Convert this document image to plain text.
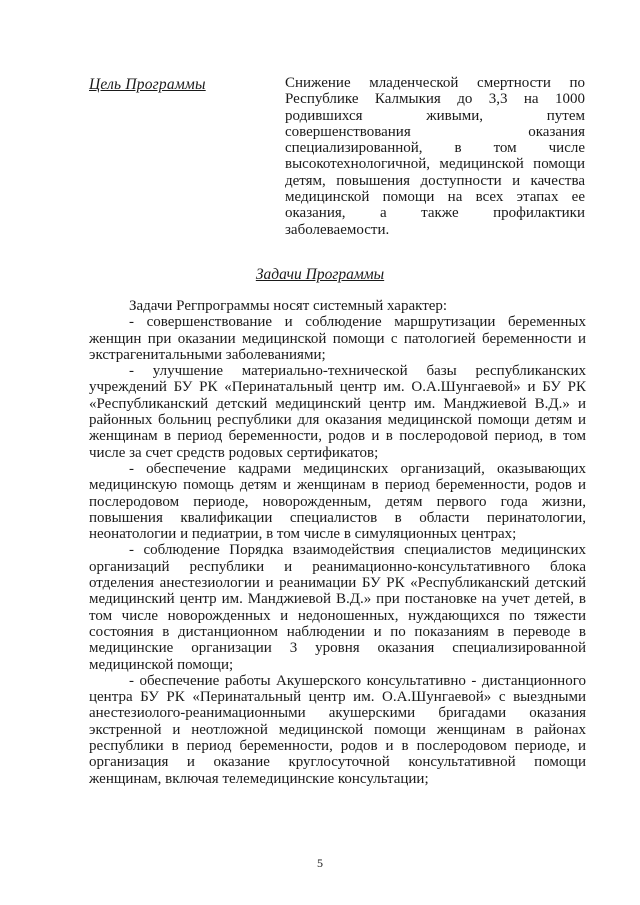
Цель Программы	Снижение младенческой смертности по
Республике Калмыкия до 3,3 на 1000
родившихся живыми, путем
совершенствования оказания
специализированной, в том числе
высокотехнологичной, медицинской помощи
детям, повышения доступности и качества
медицинской помощи на всех этапах ее
оказания, а также профилактики
заболеваемости.
Задачи Программы
Задачи Регпрограммы носят системный характер:
- совершенствование и соблюдение маршрутизации беременных
женщин при оказании медицинской помощи с патологией беременности и
экстрагенитальными заболеваниями;
- улучшение материально-технической базы республиканских
учреждений БУ РК «Перинатальный центр им. О.А.Шунгаевой» и БУ РК
«Республиканский детский медицинский центр им. Манджиевой В.Д.» и
районных больниц республики для оказания медицинской помощи детям и
женщинам в период беременности, родов и в послеродовой период, в том
числе за счет средств родовых сертификатов;
- обеспечение кадрами медицинских организаций, оказывающих
медицинскую помощь детям и женщинам в период беременности, родов и
послеродовом периоде, новорожденным, детям первого года жизни,
повышения квалификации специалистов в области перинатологии,
неонатологии и педиатрии, в том числе в симуляционных центрах;
- соблюдение Порядка взаимодействия специалистов медицинских
организаций республики и реанимационно-консультативного блока
отделения анестезиологии и реанимации БУ РК «Республиканский детский
медицинский центр им. Манджиевой В.Д.» при постановке на учет детей, в
том числе новорожденных и недоношенных, нуждающихся по тяжести
состояния в дистанционном наблюдении и по показаниям в переводе в
медицинские организации 3 уровня оказания специализированной
медицинской помощи;
- обеспечение работы Акушерского консультативно - дистанционного
центра БУ РК «Перинатальный центр им. О.А.Шунгаевой» с выездными
анестезиолого-реанимационными акушерскими бригадами оказания
экстренной и неотложной медицинской помощи женщинам в районах
республики в период беременности, родов и в послеродовом периоде, и
организация и оказание круглосуточной консультативной помощи
женщинам, включая телемедицинские консультации;
5
